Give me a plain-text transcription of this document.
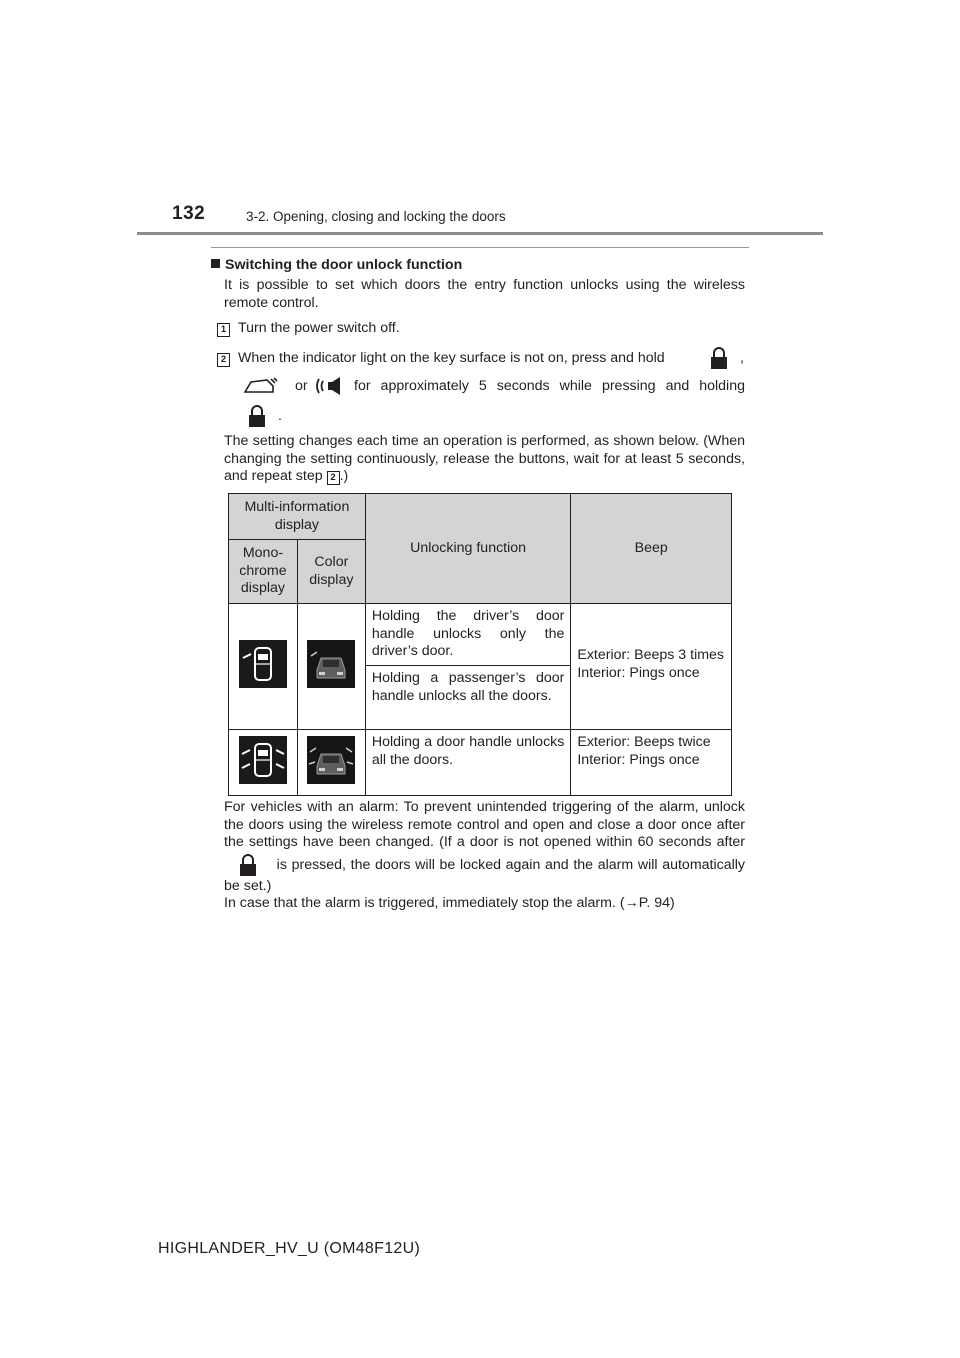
132	3-2. Opening, closing and locking the doors
Switching the door unlock function
It is possible to set which doors the entry function unlocks using the wireless remote control.
1 Turn the power switch off.
2 When the indicator light on the key surface is not on, press and hold	,
or	for approximately 5 seconds while pressing and holding
.
The setting changes each time an operation is performed, as shown below. (When changing the setting continuously, release the buttons, wait for at least 5 seconds, and repeat step 2 .)
Multi-information display		Unlocking function	Beep
Mono-chrome display	Color display		
		Holding the driver’s door handle unlocks only the driver’s door.	Exterior: Beeps 3 times
Interior: Pings once

		Holding a passenger’s door handle unlocks all the doors.	
		Holding a door handle unlocks all the doors.	Exterior: Beeps twice
Interior: Pings once
For vehicles with an alarm: To prevent unintended triggering of the alarm, unlock the doors using the wireless remote control and open and close a door once after the settings have been changed. (If a door is not opened within 60 seconds after  is pressed, the doors will be locked again and the alarm will automatically be set.)
In case that the alarm is triggered, immediately stop the alarm. (→P. 94)
HIGHLANDER_HV_U (OM48F12U)
